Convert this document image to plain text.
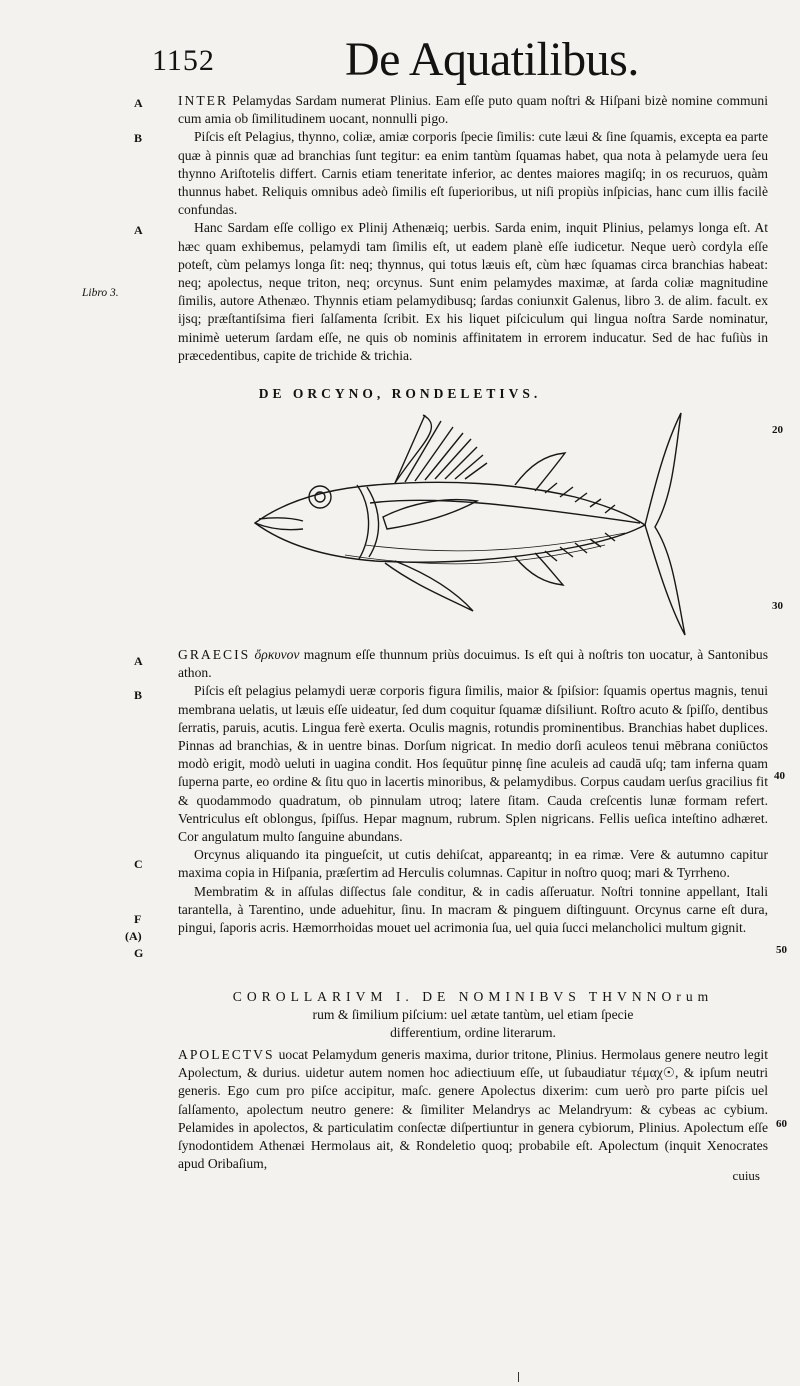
1152	De Aquatilibus.
A
B
A
Libro 3.

INTER Pelamydas Sardam numerat Plinius. Eam eſſe puto quam noſtri & Hiſpani bizè nomine communi cum amia ob ſimilitudinem uocant, nonnulli pigo.

Piſcis eſt Pelagius, thynno, coliæ, amiæ corporis ſpecie ſimilis: cute læui & ſine ſquamis, exceptа ea parte quæ à pinnis quæ ad branchias ſunt tegitur: ea enim tantùm ſquamas habet, qua nota à pelamyde uera ſeu thynno Ariſtotelis differt. Carnis etiam teneritate inferior, ac dentes maiores magiſq; in os recuruos, quàm thunnus habet. Reliquis omnibus adeò ſimilis eſt ſuperioribus, ut niſi propiùs inſpicias, hanc cum illis facilè confundas.

Hanc Sardam eſſe colligo ex Plinij Athenæiq; uerbis. Sarda enim, inquit Plinius, pelamys longa eſt. At hæc quam exhibemus, pelamydi tam ſimilis eſt, ut eadem planè eſſe iudicetur. Neque uerò cordyla eſſe poteſt, cùm pelamys longa ſit: neq; thynnus, qui totus læuis eſt, cùm hæc ſquamas circa branchias habeat: neq; apolectus, neque triton, neq; orcynus. Sunt enim pelamydes maximæ, at ſarda coliæ magnitudine ſimilis, autore Athenæo. Thynnis etiam pelamydibusq; ſardas coniunxit Galenus, libro 3. de alim. facult. ex ijsq; præſtantiſsima fieri ſalſamenta ſcribit. Ex his liquet piſciculum qui lingua noſtra Sarde nominatur, minimè ueterum ſardam eſſe, ne quis ob nominis affinitatem in errorem inducatur. Sed de hac fuſiùs in præcedentibus, capite de trichide & trichia.

DE ORCYNO, RONDELETIVS.
20
30
A
B
40
C
F
(A)
G	50

GRAECIS ὄρκυνον magnum eſſe thunnum priùs docuimus. Is eſt qui à noſtris ton uocatur, à Santonibus athon.

Piſcis eſt pelagius pelamydi ueræ corporis figura ſimilis, maior & ſpiſsior: ſquamis opertus magnis, tenui membrana uelatis, ut læuis eſſe uideatur, ſed dum coquitur ſquamæ diſsiliunt. Roſtro acuto & ſpiſſo, dentibus ſerratis, paruis, acutis. Lingua ferè exerta. Oculis magnis, rotundis prominentibus. Branchias habet duplices. Pinnas ad branchias, & in uentre binas. Dorſum nigricat. In medio dorſi aculeos tenui mēbrana coniūctos modò erigit, modò ueluti in uagina condit. Hos ſequūtur pinnę ſine aculeis ad caudā uſq; tam inferna quam ſuperna parte, eo ordine & ſitu quo in lacertis minoribus, & pelamydibus. Corpus caudam uerſus gracilius fit & quodammodo quadratum, ob pinnulam utroq; latere ſitam. Cauda creſcentis lunæ formam refert. Ventriculus eſt oblongus, ſpiſſus. Hepar magnum, rubrum. Splen nigricans. Fellis ueſica inteſtino adhæret. Cor angulatum multo ſanguine abundans.

Orcynus aliquando ita pingueſcit, ut cutis dehiſcat, appareantq; in ea rimæ. Vere & autumno capitur maxima copia in Hiſpania, præſertim ad Herculis columnas. Capitur in noſtro quoq; mari & Tyrrheno.

Membratim & in aſſulas diſſectus ſale conditur, & in cadis aſſeruatur. Noſtri tonnine appellant, Itali tarantella, à Tarentino, unde aduehitur, ſinu. In macram & pinguem diſtinguunt. Orcynus carne eſt dura, pingui, ſaporis acris. Hæmorrhoidas mouet uel acrimonia ſua, uel quia ſucci melancholici multum gignit.

COROLLARIVM I. DE NOMINIBVS THVNNOrum
rum & ſimilium piſcium: uel ætate tantùm, uel etiam ſpecie
differentium, ordine literarum.
60

APOLECTVS uocat Pelamydum generis maxima, durior tritone, Plinius. Hermolaus genere neutro legit Apolectum, & durius. uidetur autem nomen hoc adiectiuum eſſe, ut ſubaudiatur τέμαχ☉, & ipſum neutri generis. Ego cum pro piſce accipitur, maſc. genere Apolectus dixerim: cum uerò pro parte piſcis uel ſalſamento, apolectum neutro genere: & ſimiliter Melandrys ac Melandryum: & cybeas ac cybium. Pelamides in apolectos, & particulatim conſectæ diſpertiuntur in genera cybiorum, Plinius. Apolectum eſſe ſynodontidem Athenæi Hermolaus ait, & Rondeletio quoq; probabile eſt. Apolectum (inquit Xenocrates apud Oribaſium,

cuius
